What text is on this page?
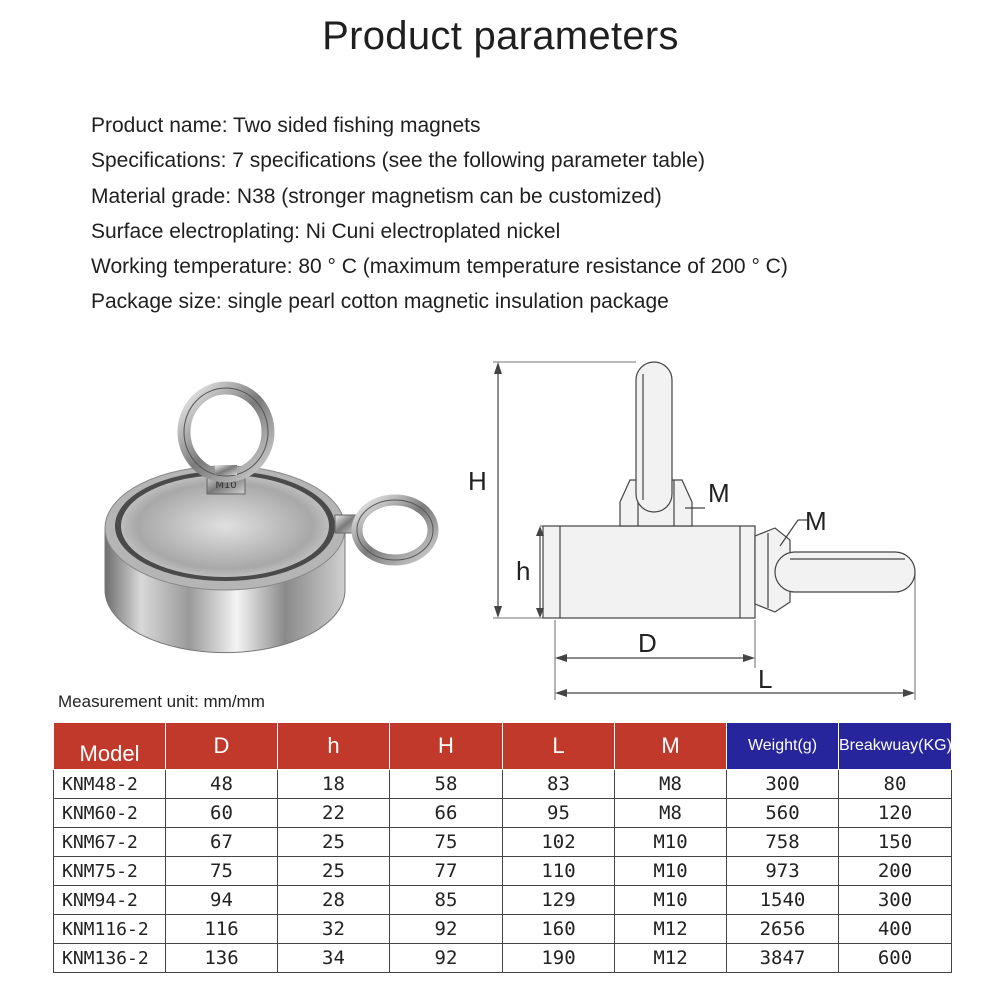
Product parameters
Product name: Two sided fishing magnets
Specifications: 7 specifications (see the following parameter table)
Material grade: N38 (stronger magnetism can be customized)
Surface electroplating: Ni Cuni electroplated nickel
Working temperature: 80 ° C (maximum temperature resistance of 200 ° C)
Package size: single pearl cotton magnetic insulation package
M10	H
h
D
L
M
M
Measurement unit: mm/mm
Model	D	h	H	L	M	Weight(g)	Breakwuay(KG)
KNM48-2	48	18	58	83	M8	300	80
KNM60-2	60	22	66	95	M8	560	120
KNM67-2	67	25	75	102	M10	758	150
KNM75-2	75	25	77	110	M10	973	200
KNM94-2	94	28	85	129	M10	1540	300
KNM116-2	116	32	92	160	M12	2656	400
KNM136-2	136	34	92	190	M12	3847	600
